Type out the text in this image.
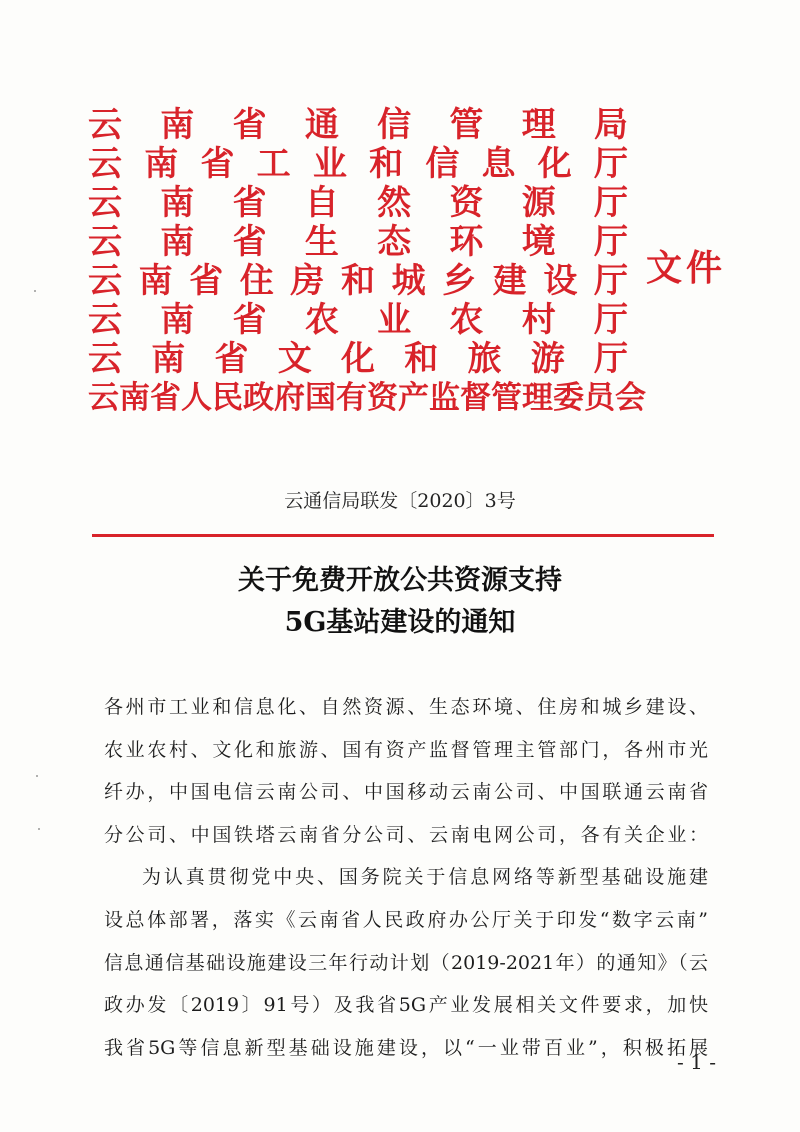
云 南 省 通 信 管 理 局
云 南 省 工 业 和 信 息 化 厅
云 南 省 自 然 资 源 厅
云 南 省 生 态 环 境 厅
云 南 省 住 房 和 城 乡 建 设 厅
云 南 省 农 业 农 村 厅
云 南 省 文 化 和 旅 游 厅
云 南 省 人 民 政 府 国 有 资 产 监 督 管 理 委 员 会
文件
云通信局联发〔2020〕3号
关于免费开放公共资源支持
5G基站建设的通知
各州市工业和信息化、自然资源、生态环境、住房和城乡建设、
农业农村、文化和旅游、国有资产监督管理主管部门，各州市光
纤办，中国电信云南公司、中国移动云南公司、中国联通云南省
分公司、中国铁塔云南省分公司、云南电网公司，各有关企业：
为认真贯彻党中央、国务院关于信息网络等新型基础设施建
设总体部署，落实《云南省人民政府办公厅关于印发“数字云南”
信息通信基础设施建设三年行动计划（2019-2021年）的通知》（云
政办发〔2019〕91号）及我省5G产业发展相关文件要求，加快
我省5G等信息新型基础设施建设，以“一业带百业”，积极拓展
- 1 -
